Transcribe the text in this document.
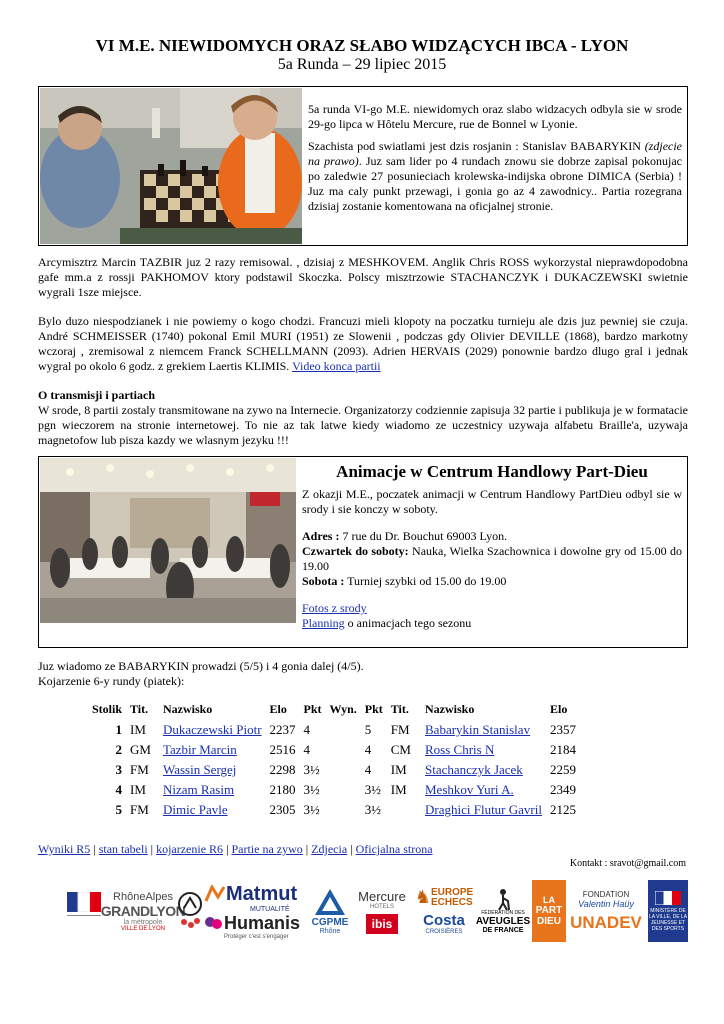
VI M.E. NIEWIDOMYCH ORAZ SŁABO WIDZĄCYCH IBCA - LYON
5a Runda – 29 lipiec 2015

5a runda VI-go M.E. niewidomych oraz slabo widzacych odbyla sie w srode 29-go lipca w Hôtelu Mercure, rue de Bonnel w Lyonie.

Szachista pod swiatlami jest dzis rosjanin : Stanislav BABARYKIN (zdjecie na prawo). Juz sam lider po 4 rundach znowu sie dobrze zapisal pokonujac po zaledwie 27 posunieciach krolewska-indijska obrone DIMICA (Serbia) ! Juz ma caly punkt przewagi, i gonia go az 4 zawodnicy.. Partia rozegrana dzisiaj zostanie komentowana na oficjalnej stronie.

Arcymisztrz Marcin TAZBIR juz 2 razy remisowal. , dzisiaj z MESHKOVEM. Anglik Chris ROSS wykorzystal nieprawdopodobna gafe mm.a z rossji PAKHOMOV ktory podstawil Skoczka. Polscy misztrzowie STACHANCZYK i DUKACZEWSKI swietnie wygrali 1sze miejsce.

Bylo duzo niespodzianek i nie powiemy o kogo chodzi. Francuzi mieli klopoty na poczatku turnieju ale dzis juz pewniej sie czuja. André SCHMEISSER (1740) pokonal Emil MURI (1951) ze Slowenii , podczas gdy Olivier DEVILLE (1868), bardzo markotny wczoraj , zremisowal z niemcem Franck SCHELLMANN (2093). Adrien HERVAIS (2029) ponownie bardzo dlugo gral i jednak wygral po okolo 6 godz. z grekiem Laertis KLIMIS. Video konca partii

O transmisji i partiach
W srode, 8 partii zostaly transmitowane na zywo na Internecie. Organizatorzy codziennie zapisuja 32 partie i publikuja je w formatacie pgn wieczorem na stronie internetowej. To nie az tak latwe kiedy wiadomo ze uczestnicy uzywaja alfabetu Braille'a, uzywaja magnetofow lub pisza kazdy we wlasnym jezyku !!!

Animacje w Centrum Handlowy Part-Dieu

Z okazji M.E., poczatek animacji w Centrum Handlowy PartDieu odbyl sie w srody i sie konczy w soboty.

Adres : 7 rue du Dr. Bouchut 69003 Lyon.
Czwartek do soboty: Nauka, Wielka Szachownica i dowolne gry od 15.00 do 19.00
Sobota : Turniej szybki od 15.00 do 19.00
Fotos z srody
Planning o animacjach tego sezonu

Juz wiadomo ze BABARYKIN prowadzi (5/5) i 4 gonia dalej (4/5).
Kojarzenie 6-y rundy (piatek):

Stolik	Tit.	Nazwisko	Elo	Pkt	Wyn.	Pkt	Tit.	Nazwisko	Elo
1	IM	Dukaczewski Piotr	2237	4		5	FM	Babarykin Stanislav	2357
2	GM	Tazbir Marcin	2516	4		4	CM	Ross Chris N	2184
3	FM	Wassin Sergej	2298	3½		4	IM	Stachanczyk Jacek	2259
4	IM	Nizam Rasim	2180	3½		3½	IM	Meshkov Yuri A.	2349
5	FM	Dimic Pavle	2305	3½		3½		Draghici Flutur Gavril	2125
Wyniki R5 | stan tabeli | kojarzenie R6 | Partie na zywo | Zdjecia | Oficjalna strona
Kontakt : sravot@gmail.com
RhôneAlpes
GRANDLYON
la métropole
VILLE DE LYON
Matmut
MUTUALITÉ
Humanis
Protéger c'est s'engager
CGPME
Rhône
Mercure
HOTELS
ibis
♞ EUROPE
ECHECS
Costa
CROISIÈRES
FÉDÉRATION DES
AVEUGLES
DE FRANCE
LA
PART
DIEU
FONDATION
Valentin Haüy
UNADEV
MINISTÈRE DE LA VILLE, DE LA JEUNESSE ET DES SPORTS
